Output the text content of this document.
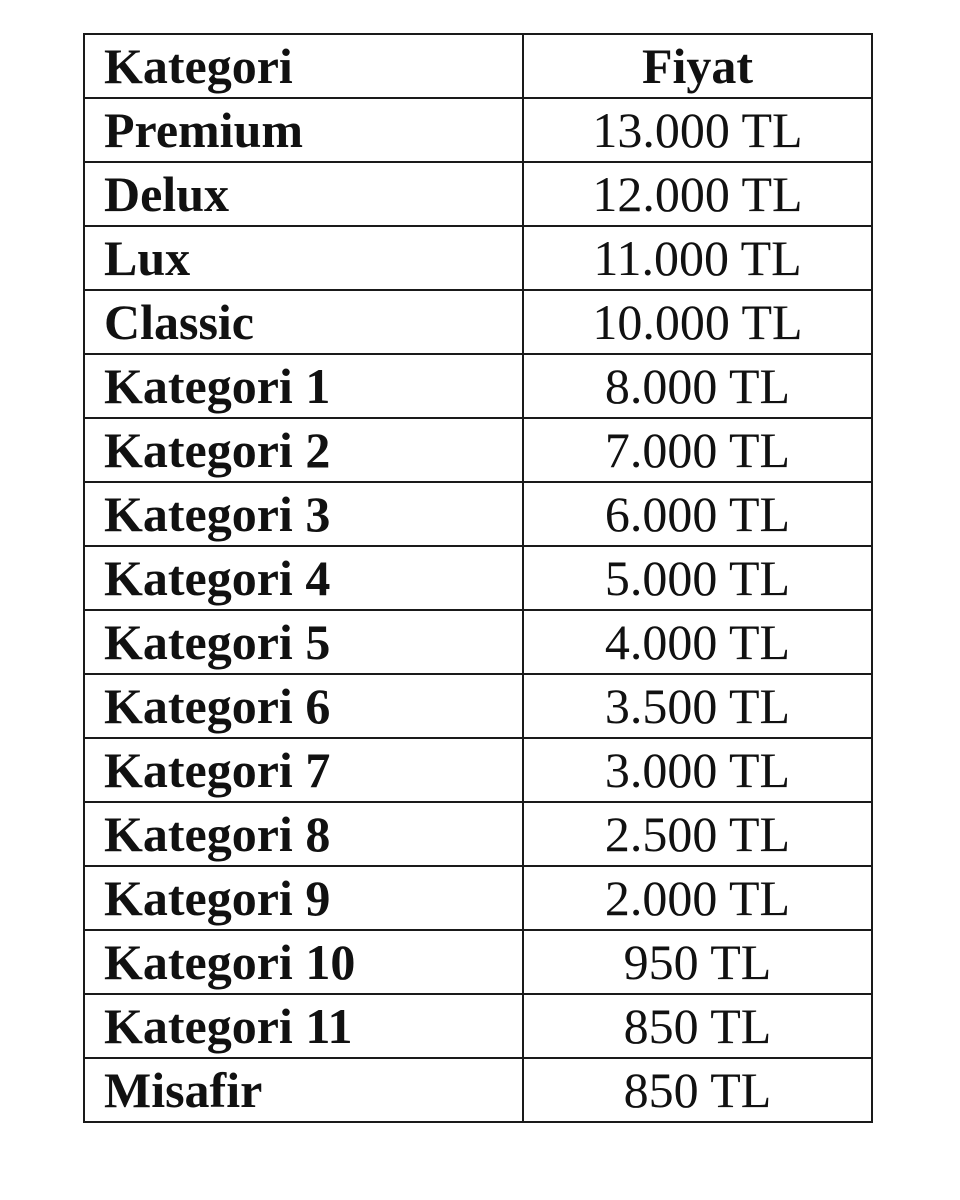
Kategori	Fiyat
Premium	13.000 TL
Delux	12.000 TL
Lux	11.000 TL
Classic	10.000 TL
Kategori 1	8.000 TL
Kategori 2	7.000 TL
Kategori 3	6.000 TL
Kategori 4	5.000 TL
Kategori 5	4.000 TL
Kategori 6	3.500 TL
Kategori 7	3.000 TL
Kategori 8	2.500 TL
Kategori 9	2.000 TL
Kategori 10	950 TL
Kategori 11	850 TL
Misafir	850 TL
